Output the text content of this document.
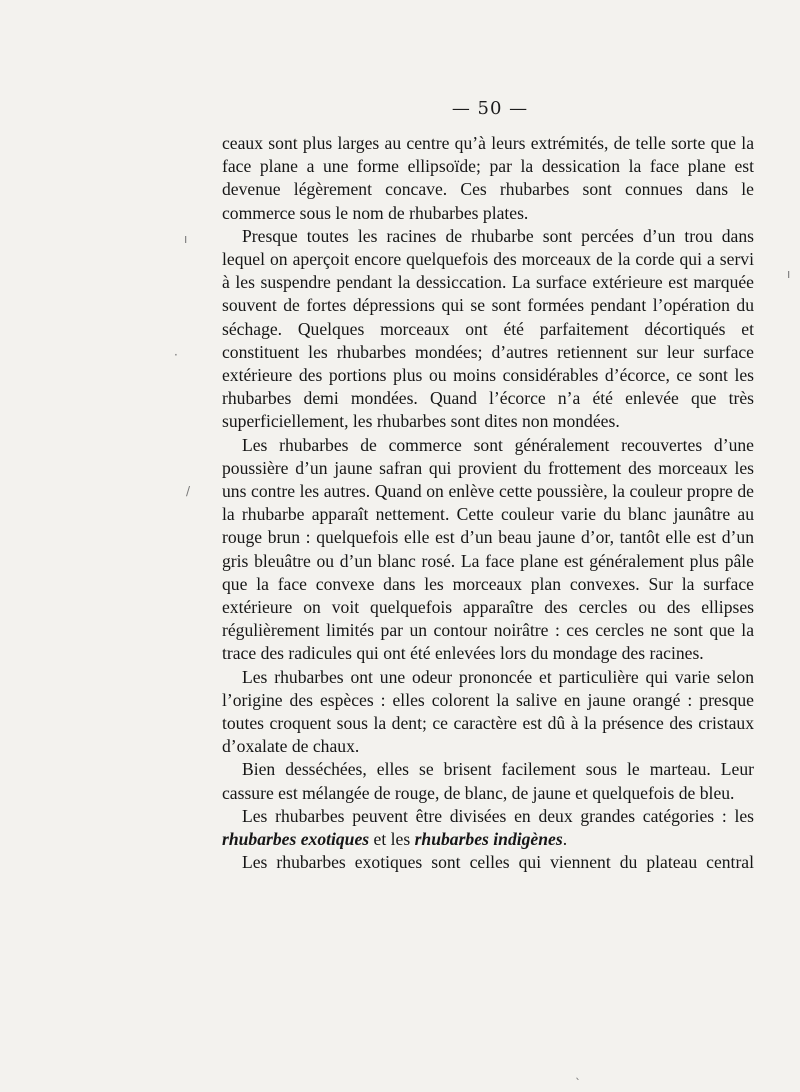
— 50 —

ceaux sont plus larges au centre qu’à leurs extrémités, de telle sorte que la face plane a une forme ellipsoïde; par la dessication la face plane est devenue légèrement concave. Ces rhubarbes sont connues dans le commerce sous le nom de rhubarbes plates.

Presque toutes les racines de rhubarbe sont percées d’un trou dans lequel on aperçoit encore quelquefois des morceaux de la corde qui a servi à les suspendre pendant la dessiccation. La surface extérieure est marquée souvent de fortes dépressions qui se sont formées pendant l’opération du séchage. Quelques morceaux ont été parfaitement décortiqués et constituent les rhubarbes mondées; d’autres retiennent sur leur surface extérieure des portions plus ou moins considérables d’écorce, ce sont les rhubarbes demi mondées. Quand l’écorce n’a été enlevée que très superficiellement, les rhubarbes sont dites non mondées.

Les rhubarbes de commerce sont généralement recouvertes d’une poussière d’un jaune safran qui provient du frottement des morceaux les uns contre les autres. Quand on enlève cette poussière, la couleur propre de la rhubarbe apparaît nettement. Cette couleur varie du blanc jaunâtre au rouge brun : quelquefois elle est d’un beau jaune d’or, tantôt elle est d’un gris bleuâtre ou d’un blanc rosé. La face plane est généralement plus pâle que la face convexe dans les morceaux plan convexes. Sur la surface extérieure on voit quelquefois apparaître des cercles ou des ellipses régulièrement limités par un contour noirâtre : ces cercles ne sont que la trace des radicules qui ont été enlevées lors du mondage des racines.

Les rhubarbes ont une odeur prononcée et particulière qui varie selon l’origine des espèces : elles colorent la salive en jaune orangé : presque toutes croquent sous la dent; ce caractère est dû à la présence des cristaux d’oxalate de chaux.

Bien desséchées, elles se brisent facilement sous le marteau. Leur cassure est mélangée de rouge, de blanc, de jaune et quelquefois de bleu.

Les rhubarbes peuvent être divisées en deux grandes catégories : les rhubarbes exotiques et les rhubarbes indigènes.

Les rhubarbes exotiques sont celles qui viennent du plateau central

ı
·
/
ı
ˎ
